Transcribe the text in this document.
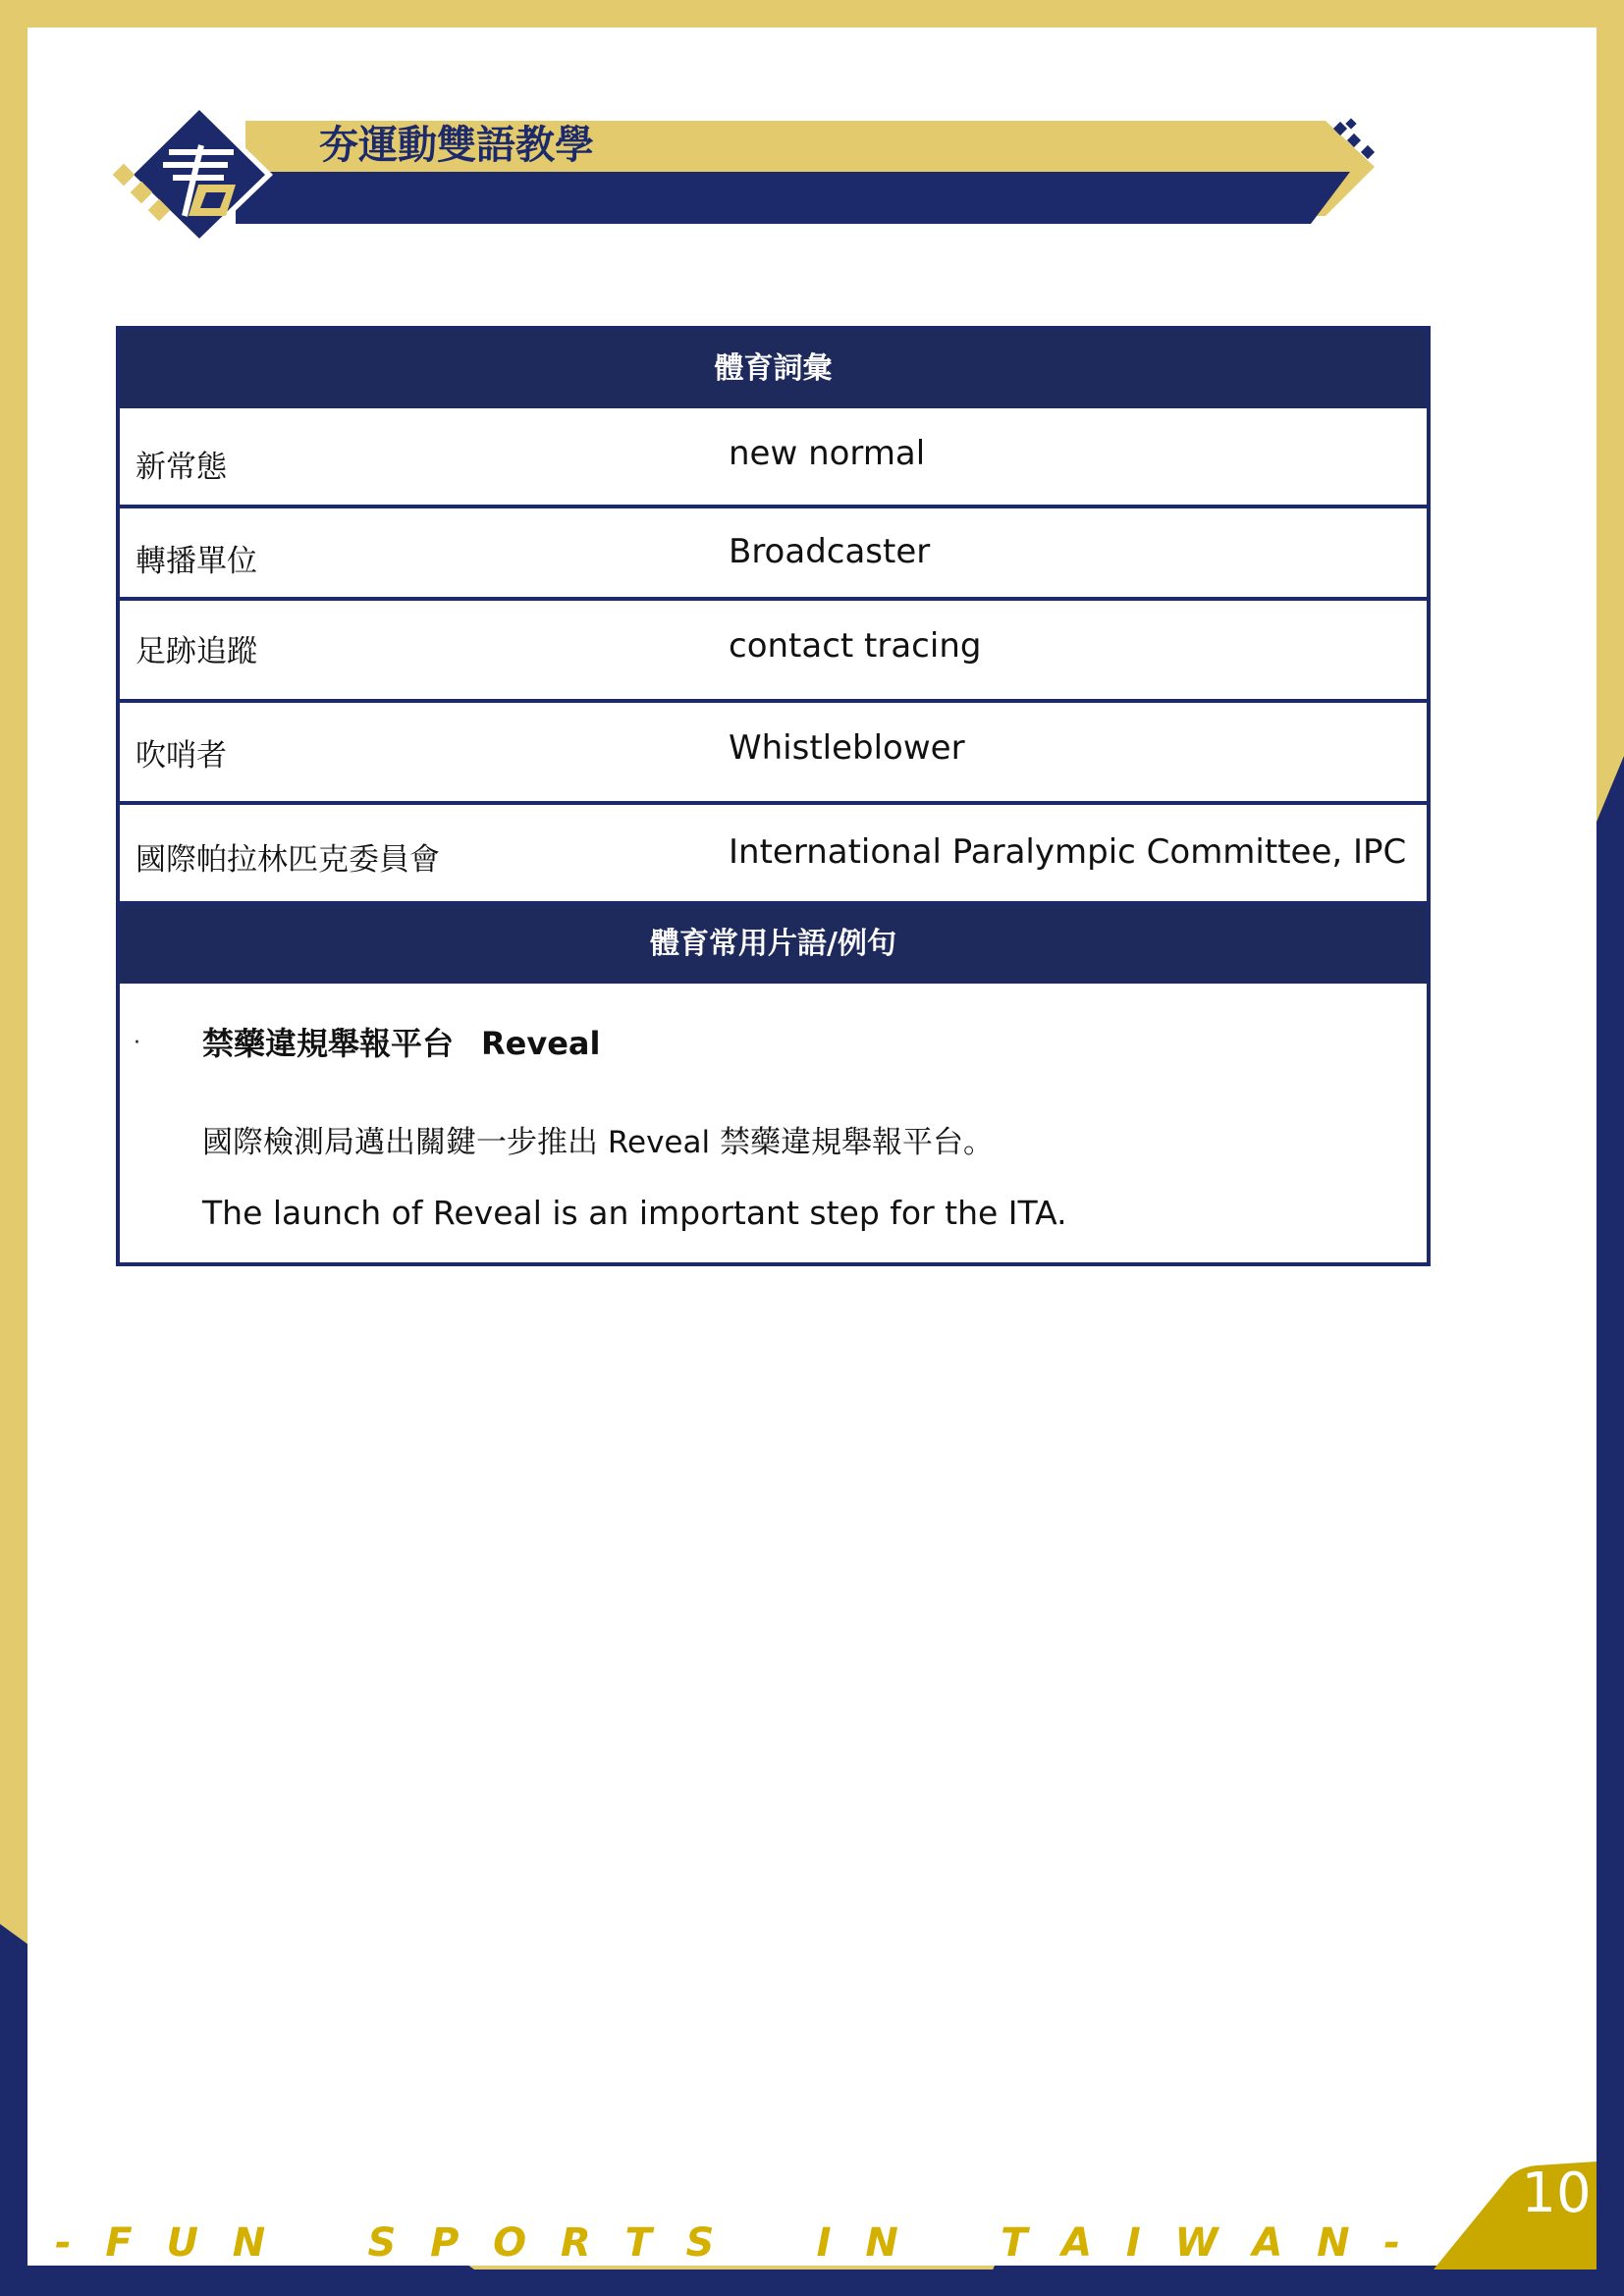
夯運動雙語教學
體育詞彙
新常態	new normal
轉播單位	Broadcaster
足跡追蹤	contact tracing
吹哨者	Whistleblower
國際帕拉林匹克委員會	International Paralympic Committee, IPC
體育常用片語/例句
· 禁藥違規舉報平台 Reveal

國際檢測局邁出關鍵一步推出 Reveal 禁藥違規舉報平台。

The launch of Reveal is an important step for the ITA.

- F U N   S P O R T S   I N   T A I W A N -

10
